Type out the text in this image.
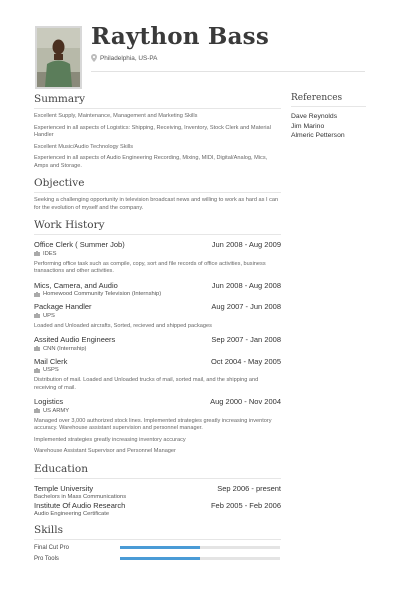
Raython Bass
Philadelphia, US-PA
Summary

Excellent Supply, Maintenance, Management and Marketing Skills

Experienced in all aspects of Logistics: Shipping, Receiving, Inventory, Stock Clerk and Material Handler

Excellent Music/Audio Technology Skills

Experienced in all aspects of Audio Engineering Recording, Mixing, MIDI, Digital/Analog, Mics, Amps and Storage.

Objective

Seeking a challenging opportunity in television broadcast news and willing to work as hard as I can for the evolution of myself and the company.

Work History
Office Clerk ( Summer Job)	Jun 2008 - Aug 2009
IDES

Performing office task such as compile, copy, sort and file records of office activities, business transactions and other activities.

Mics, Camera, and Audio	Jun 2008 - Aug 2008
Homewood Community Television (Internship)
Package Handler	Aug 2007 - Jun 2008
UPS

Loaded and Unloaded aircrafts, Sorted, recieved and shipped packages

Assited Audio Engineers	Sep 2007 - Jan 2008
CNN (Internship)
Mail Clerk	Oct 2004 - May 2005
USPS

Distribution of mail. Loaded and Unloaded trucks of mail, sorted mail, and the shipping and receiving of mail.

Logistics	Aug 2000 - Nov 2004
US ARMY

Managed over 3,000 authorized stock lines. Implemented strategies greatly increasing inventory accuracy. Warehouse assistant supervision and personnel manager.

Implemented strategies greatly increasing inventory accuracy

Warehouse Assistant Supervisor and Personnel Manager

Education
Temple University	Sep 2006 - present
Bachelors in Mass Communications
Institute Of Audio Research	Feb 2005 - Feb 2006
Audio Engineering Certificate
Skills
Final Cut Pro
Pro Tools
References
Dave Reynolds
Jim Marino
Almeric Petterson
